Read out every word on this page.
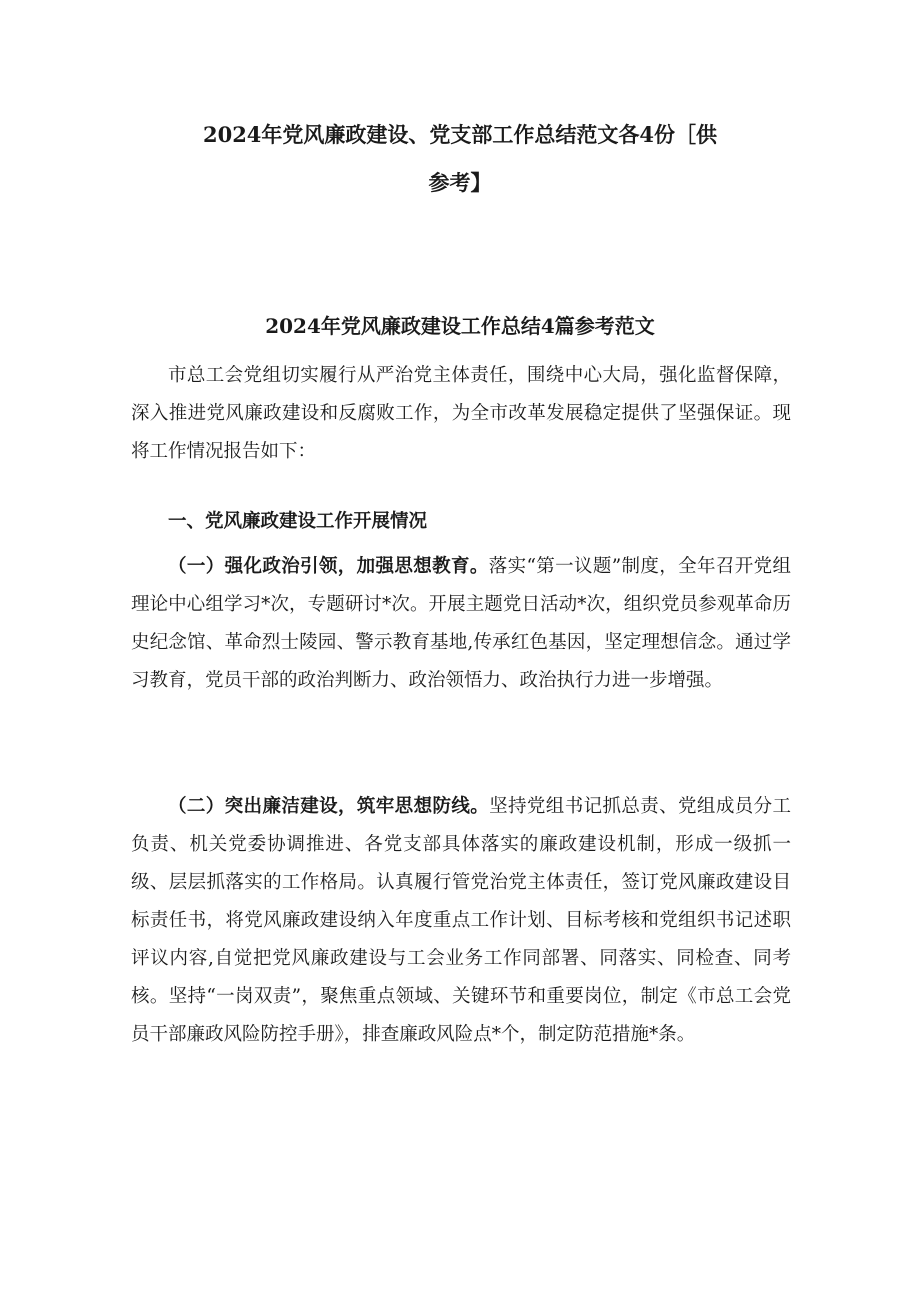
2024年党风廉政建设、党支部工作总结范文各4份［供
参考】
2024年党风廉政建设工作总结4篇参考范文

市总工会党组切实履行从严治党主体责任，围绕中心大局，强化监督保障，深入推进党风廉政建设和反腐败工作，为全市改革发展稳定提供了坚强保证。现将工作情况报告如下：

一、党风廉政建设工作开展情况

（一）强化政治引领，加强思想教育。落实“第一议题”制度，全年召开党组理论中心组学习*次，专题研讨*次。开展主题党日活动*次，组织党员参观革命历史纪念馆、革命烈士陵园、警示教育基地,传承红色基因，坚定理想信念。通过学习教育，党员干部的政治判断力、政治领悟力、政治执行力进一步增强。

（二）突出廉洁建设，筑牢思想防线。坚持党组书记抓总责、党组成员分工负责、机关党委协调推进、各党支部具体落实的廉政建设机制，形成一级抓一级、层层抓落实的工作格局。认真履行管党治党主体责任，签订党风廉政建设目标责任书，将党风廉政建设纳入年度重点工作计划、目标考核和党组织书记述职评议内容,自觉把党风廉政建设与工会业务工作同部署、同落实、同检查、同考核。坚持“一岗双责”，聚焦重点领域、关键环节和重要岗位，制定《市总工会党员干部廉政风险防控手册》，排查廉政风险点*个，制定防范措施*条。
